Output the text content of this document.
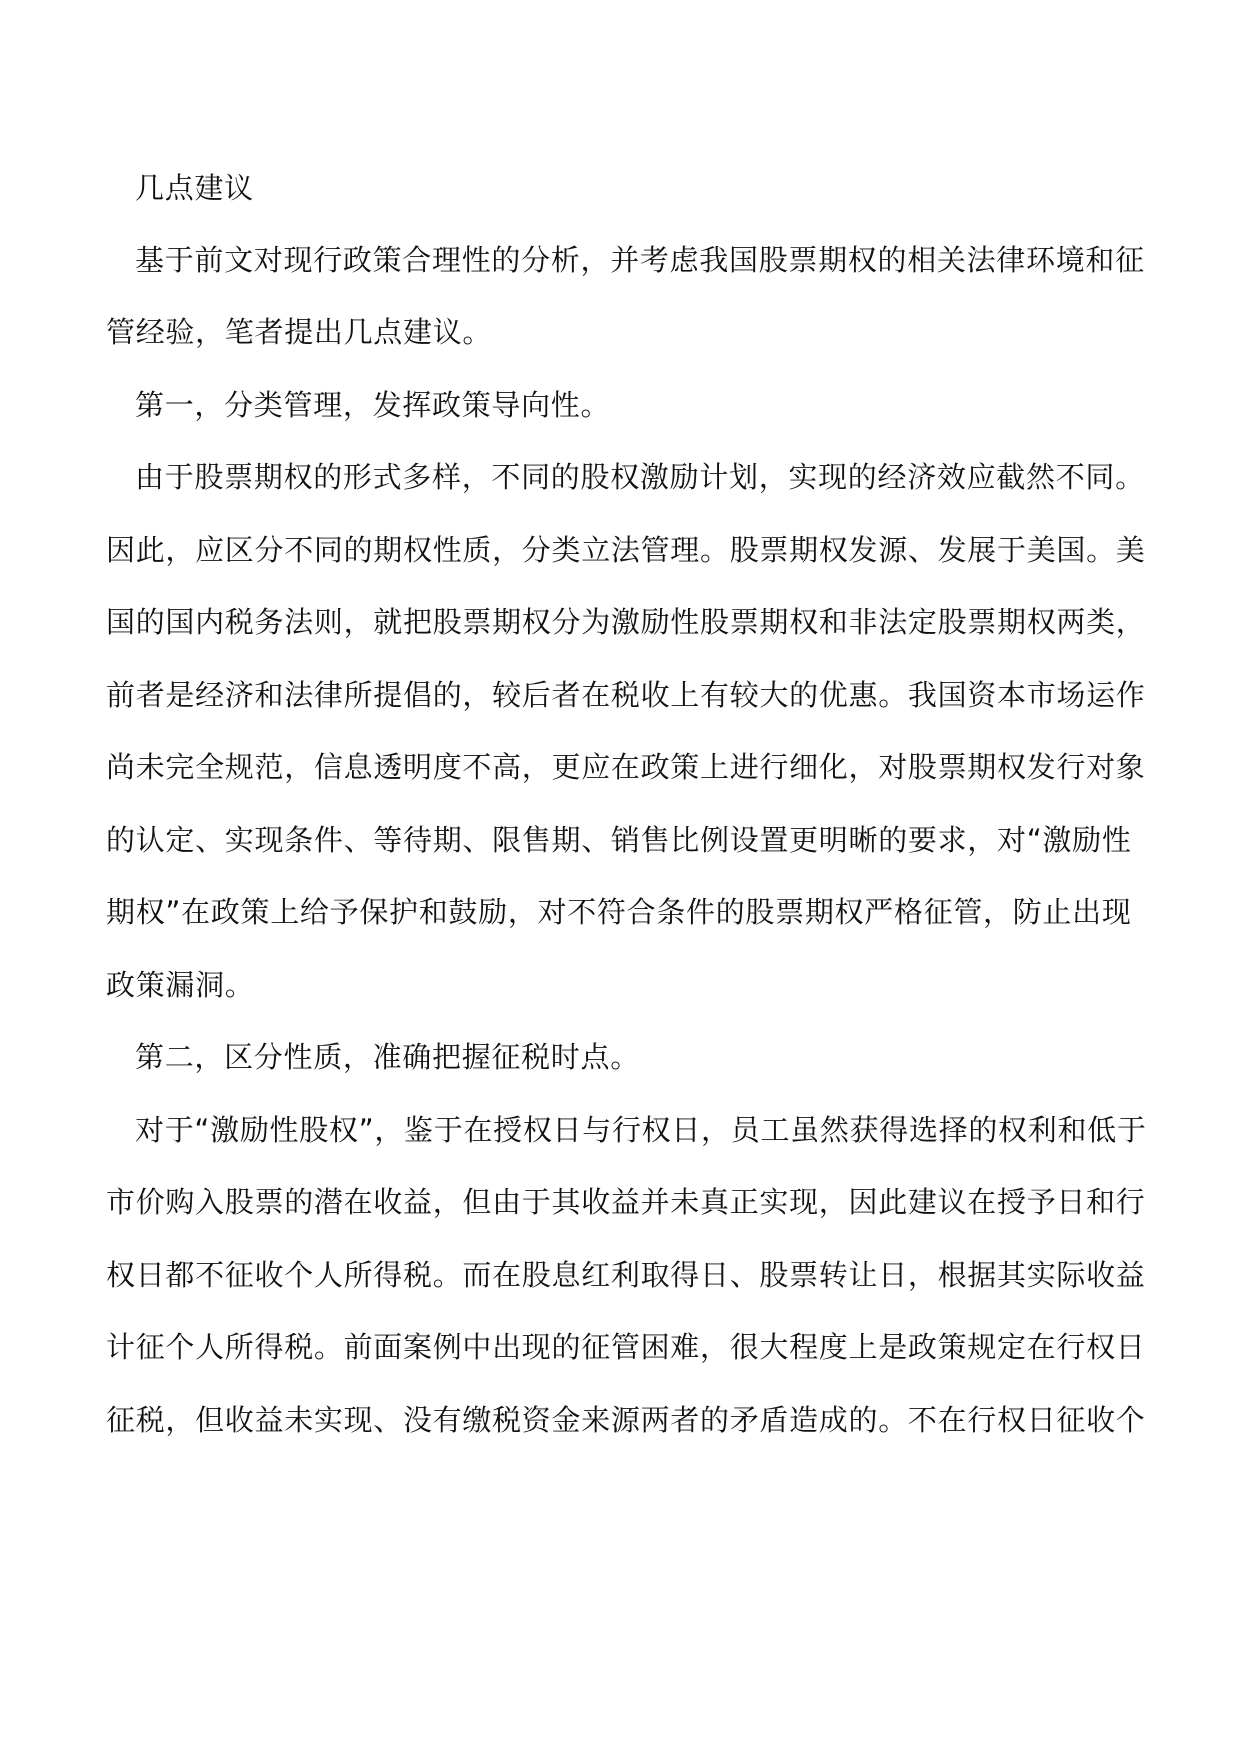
几点建议
基于前文对现行政策合理性的分析，并考虑我国股票期权的相关法律环境和征
管经验，笔者提出几点建议。
第一，分类管理，发挥政策导向性。
由于股票期权的形式多样，不同的股权激励计划，实现的经济效应截然不同。
因此，应区分不同的期权性质，分类立法管理。股票期权发源、发展于美国。美
国的国内税务法则，就把股票期权分为激励性股票期权和非法定股票期权两类，
前者是经济和法律所提倡的，较后者在税收上有较大的优惠。我国资本市场运作
尚未完全规范，信息透明度不高，更应在政策上进行细化，对股票期权发行对象
的认定、实现条件、等待期、限售期、销售比例设置更明晰的要求，对“激励性
期权”在政策上给予保护和鼓励，对不符合条件的股票期权严格征管，防止出现
政策漏洞。
第二，区分性质，准确把握征税时点。
对于“激励性股权”，鉴于在授权日与行权日，员工虽然获得选择的权利和低于
市价购入股票的潜在收益，但由于其收益并未真正实现，因此建议在授予日和行
权日都不征收个人所得税。而在股息红利取得日、股票转让日，根据其实际收益
计征个人所得税。前面案例中出现的征管困难，很大程度上是政策规定在行权日
征税，但收益未实现、没有缴税资金来源两者的矛盾造成的。不在行权日征收个
